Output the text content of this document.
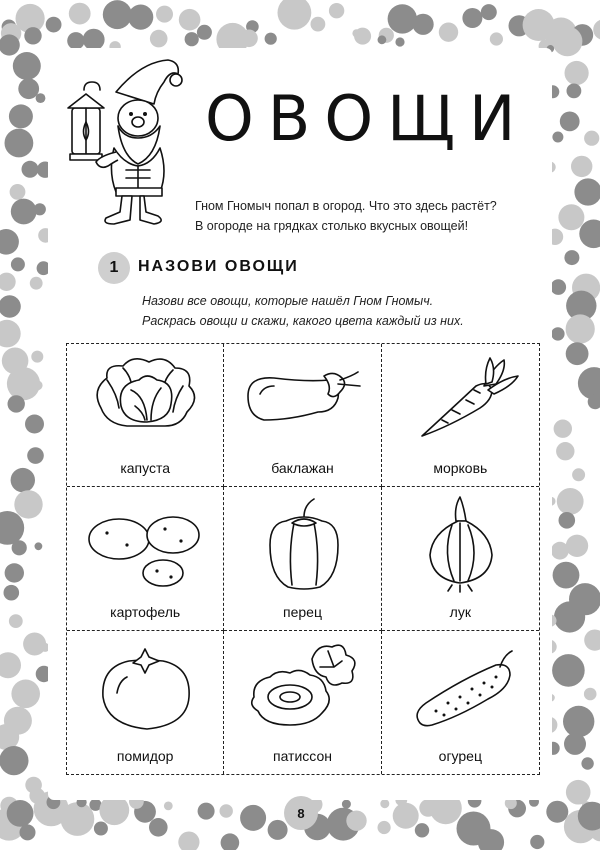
ОВОЩИ
Гном Гномыч попал в огород. Что это здесь растёт?
В огороде на грядках столько вкусных овощей!
1	НАЗОВИ ОВОЩИ
Назови все овощи, которые нашёл Гном Гномыч.
Раскрась овощи и скажи, какого цвета каждый из них.
капуста	баклажан	морковь
картофель	перец	лук
помидор	патиссон	огурец
8
